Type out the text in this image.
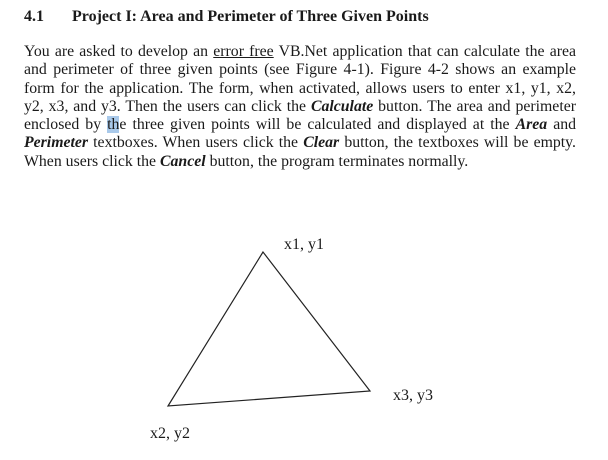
4.1 Project I: Area and Perimeter of Three Given Points

You are asked to develop an error free VB.Net application that can calculate the area and perimeter of three given points (see Figure 4-1). Figure 4-2 shows an example form for the application. The form, when activated, allows users to enter x1, y1, x2, y2, x3, and y3. Then the users can click the Calculate button. The area and perimeter enclosed by the three given points will be calculated and displayed at the Area and Perimeter textboxes. When users click the Clear button, the textboxes will be empty. When users click the Cancel button, the program terminates normally.

x1, y1
x2, y2
x3, y3
